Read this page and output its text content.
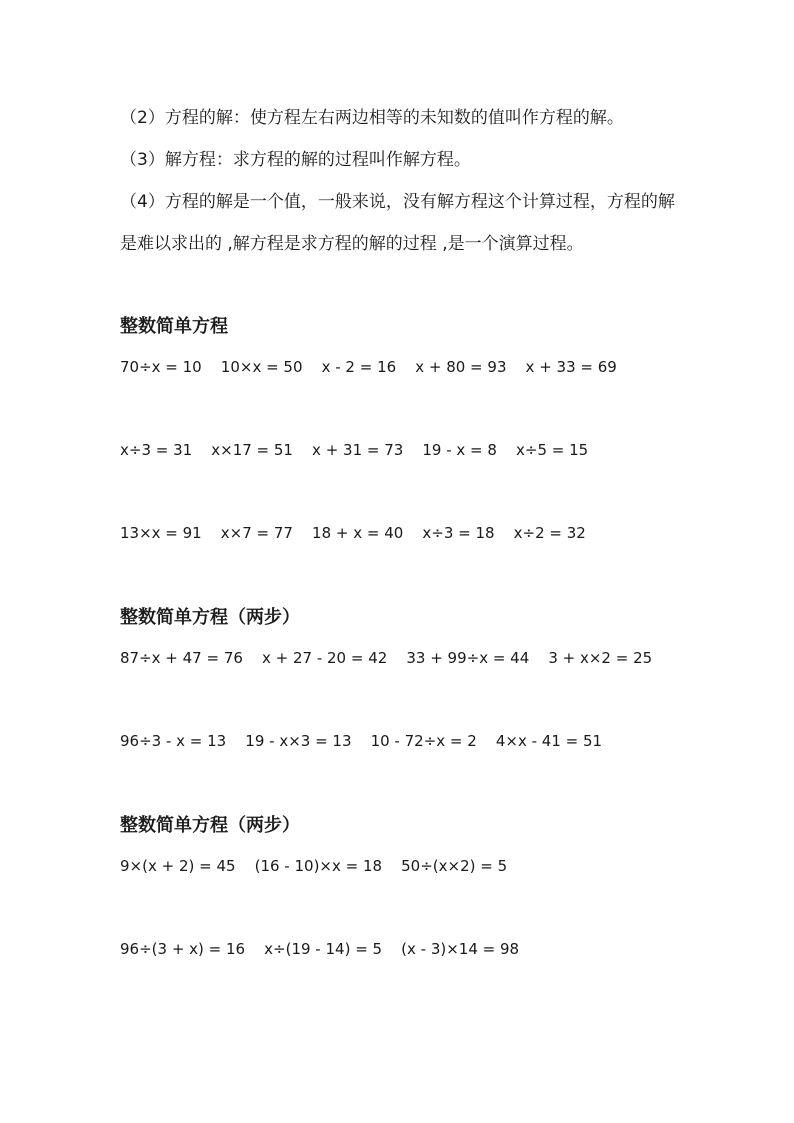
（2）方程的解：使方程左右两边相等的未知数的值叫作方程的解。

（3）解方程：求方程的解的过程叫作解方程。

（4）方程的解是一个值，一般来说，没有解方程这个计算过程，方程的解是难以求出的 ,解方程是求方程的解的过程 ,是一个演算过程。

整数简单方程

70÷x = 10    10×x = 50    x - 2 = 16    x + 80 = 93    x + 33 = 69

x÷3 = 31    x×17 = 51    x + 31 = 73    19 - x = 8    x÷5 = 15

13×x = 91    x×7 = 77    18 + x = 40    x÷3 = 18    x÷2 = 32

整数简单方程（两步）

87÷x + 47 = 76    x + 27 - 20 = 42    33 + 99÷x = 44    3 + x×2 = 25

96÷3 - x = 13    19 - x×3 = 13    10 - 72÷x = 2    4×x - 41 = 51

整数简单方程（两步）

9×(x + 2) = 45    (16 - 10)×x = 18    50÷(x×2) = 5

96÷(3 + x) = 16    x÷(19 - 14) = 5    (x - 3)×14 = 98
